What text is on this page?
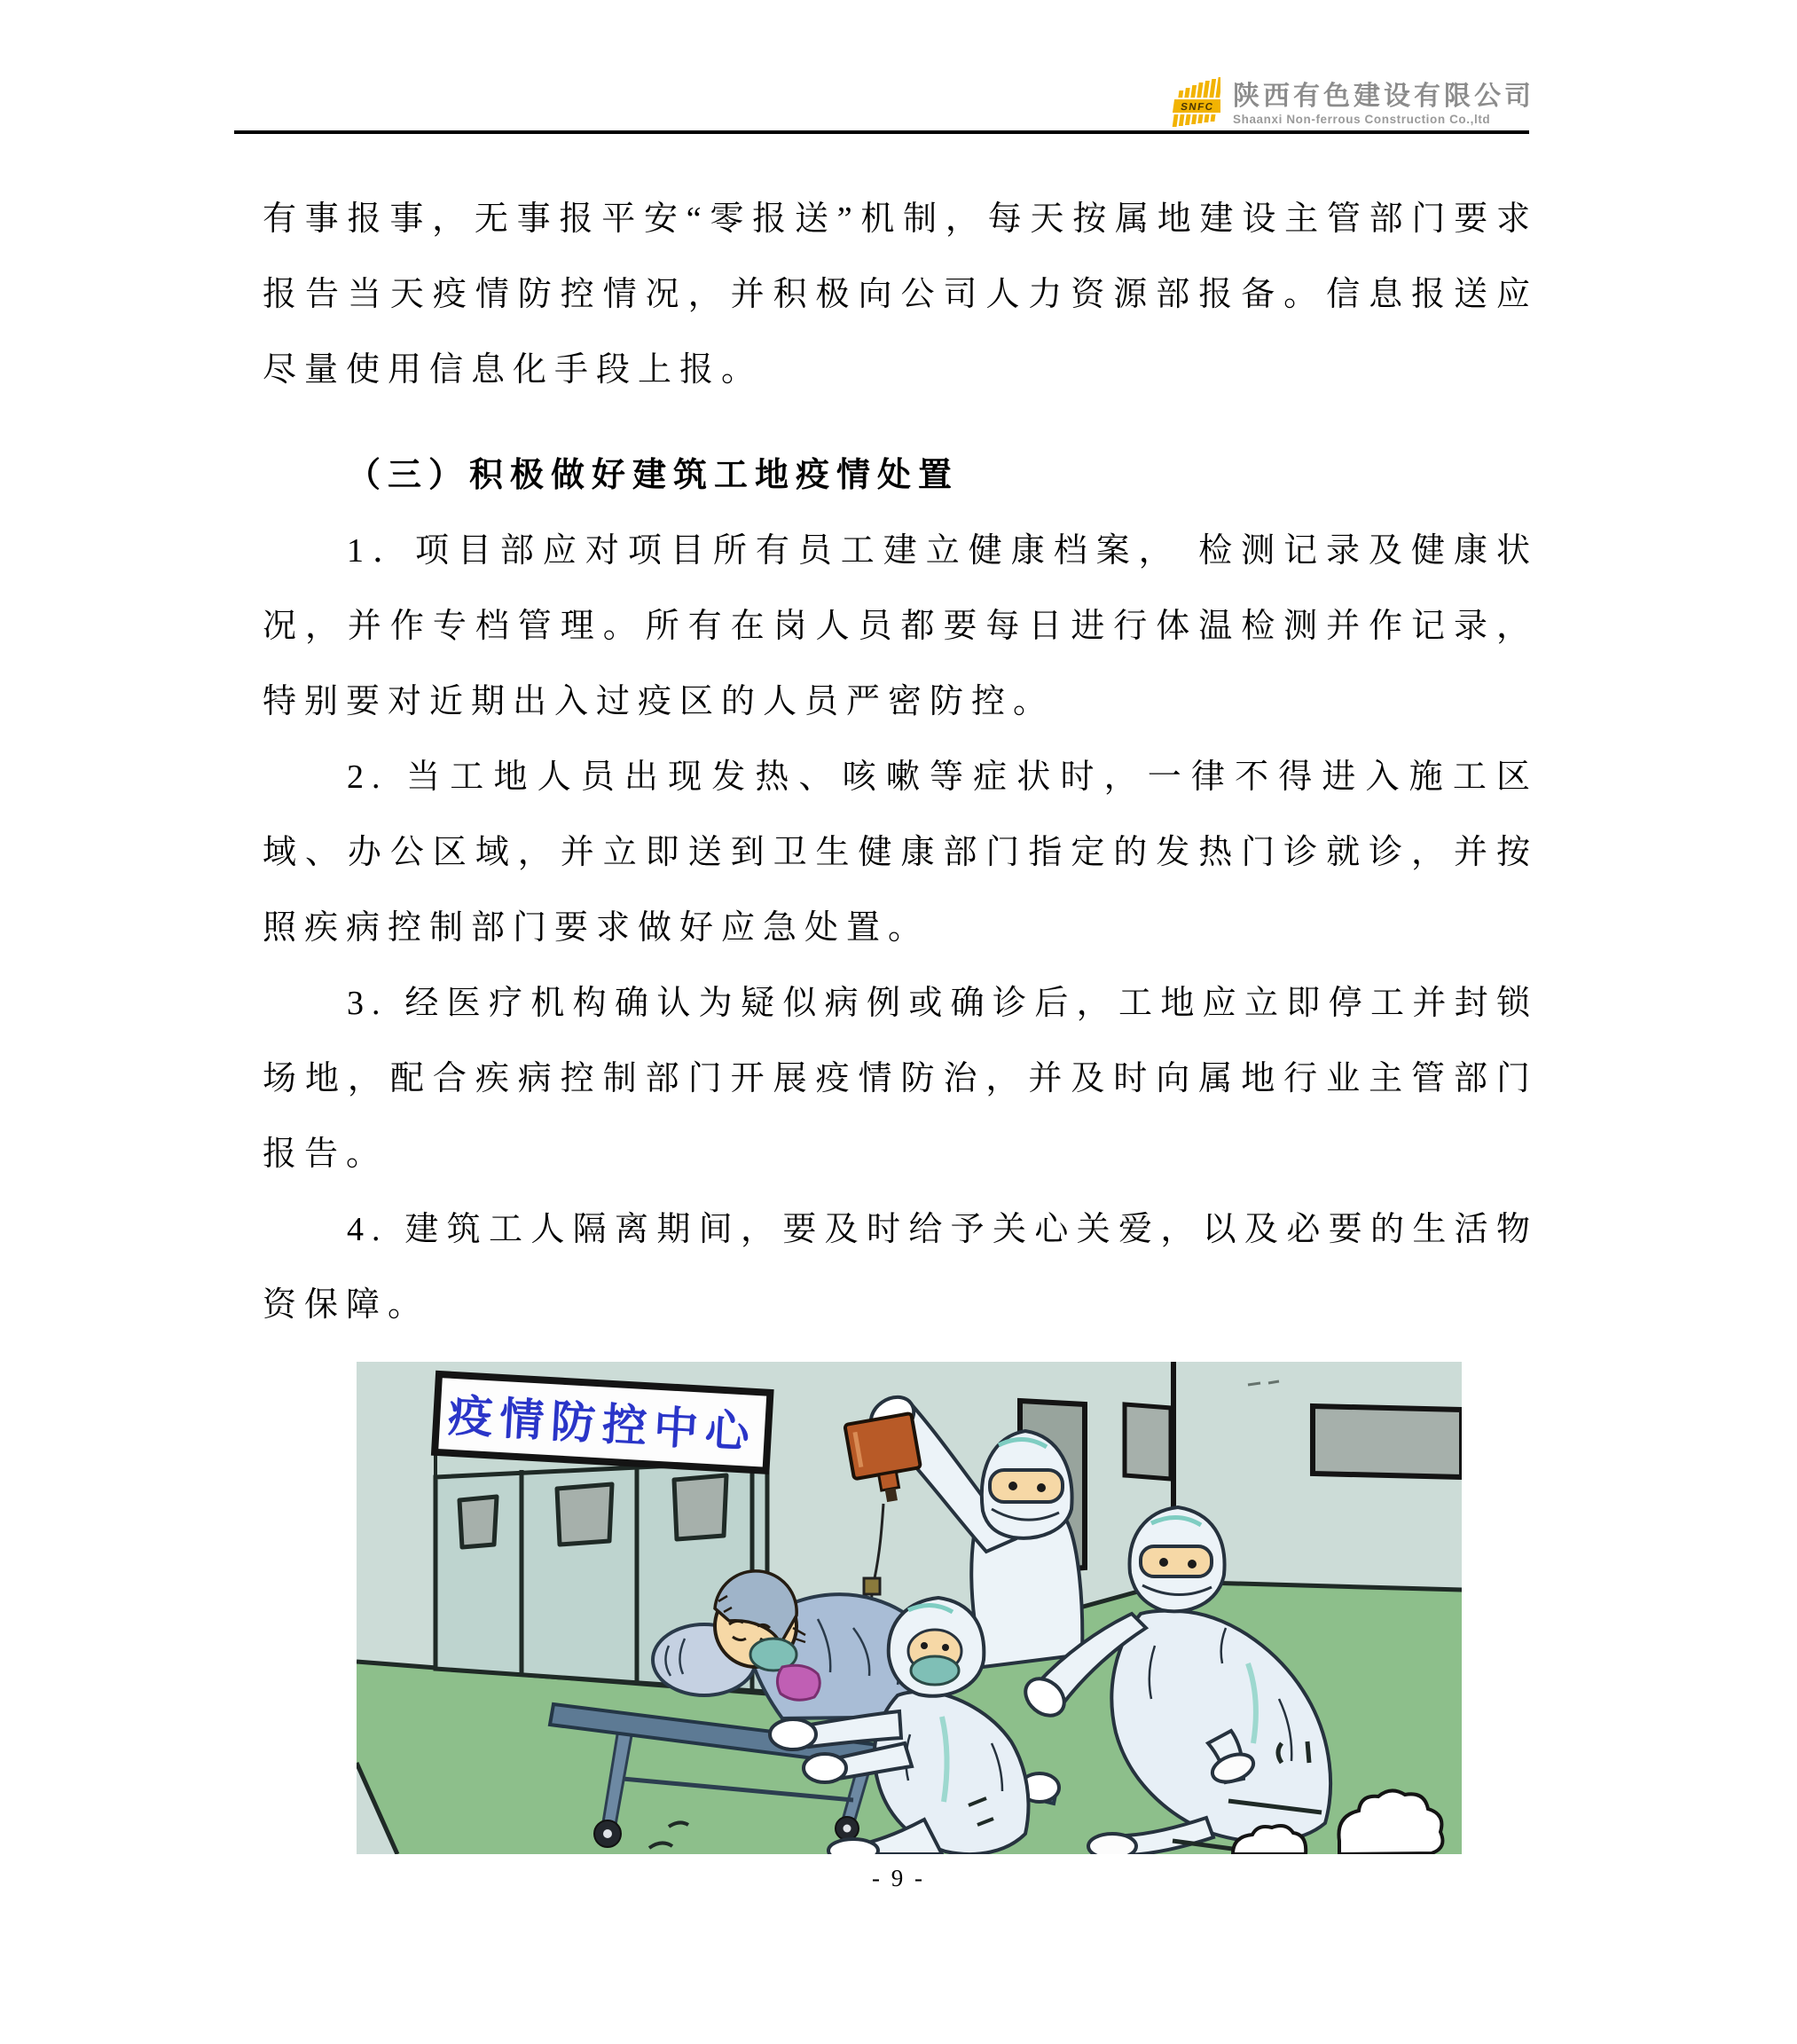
SNFC 陕西有色建设有限公司
Shaanxi Non-ferrous Construction Co.,ltd

有事报事，无事报平安“零报送”机制，每天按属地建设主管部门要求报告当天疫情防控情况，并积极向公司人力资源部报备。信息报送应尽量使用信息化手段上报。

（三）积极做好建筑工地疫情处置

1．项目部应对项目所有员工建立健康档案， 检测记录及健康状况，并作专档管理。所有在岗人员都要每日进行体温检测并作记录，特别要对近期出入过疫区的人员严密防控。

2. 当工地人员出现发热、咳嗽等症状时，一律不得进入施工区域、办公区域，并立即送到卫生健康部门指定的发热门诊就诊，并按照疾病控制部门要求做好应急处置。

3. 经医疗机构确认为疑似病例或确诊后，工地应立即停工并封锁场地，配合疾病控制部门开展疫情防治，并及时向属地行业主管部门报告。

4. 建筑工人隔离期间，要及时给予关心关爱，以及必要的生活物资保障。

疫情防控中心
- 9 -
